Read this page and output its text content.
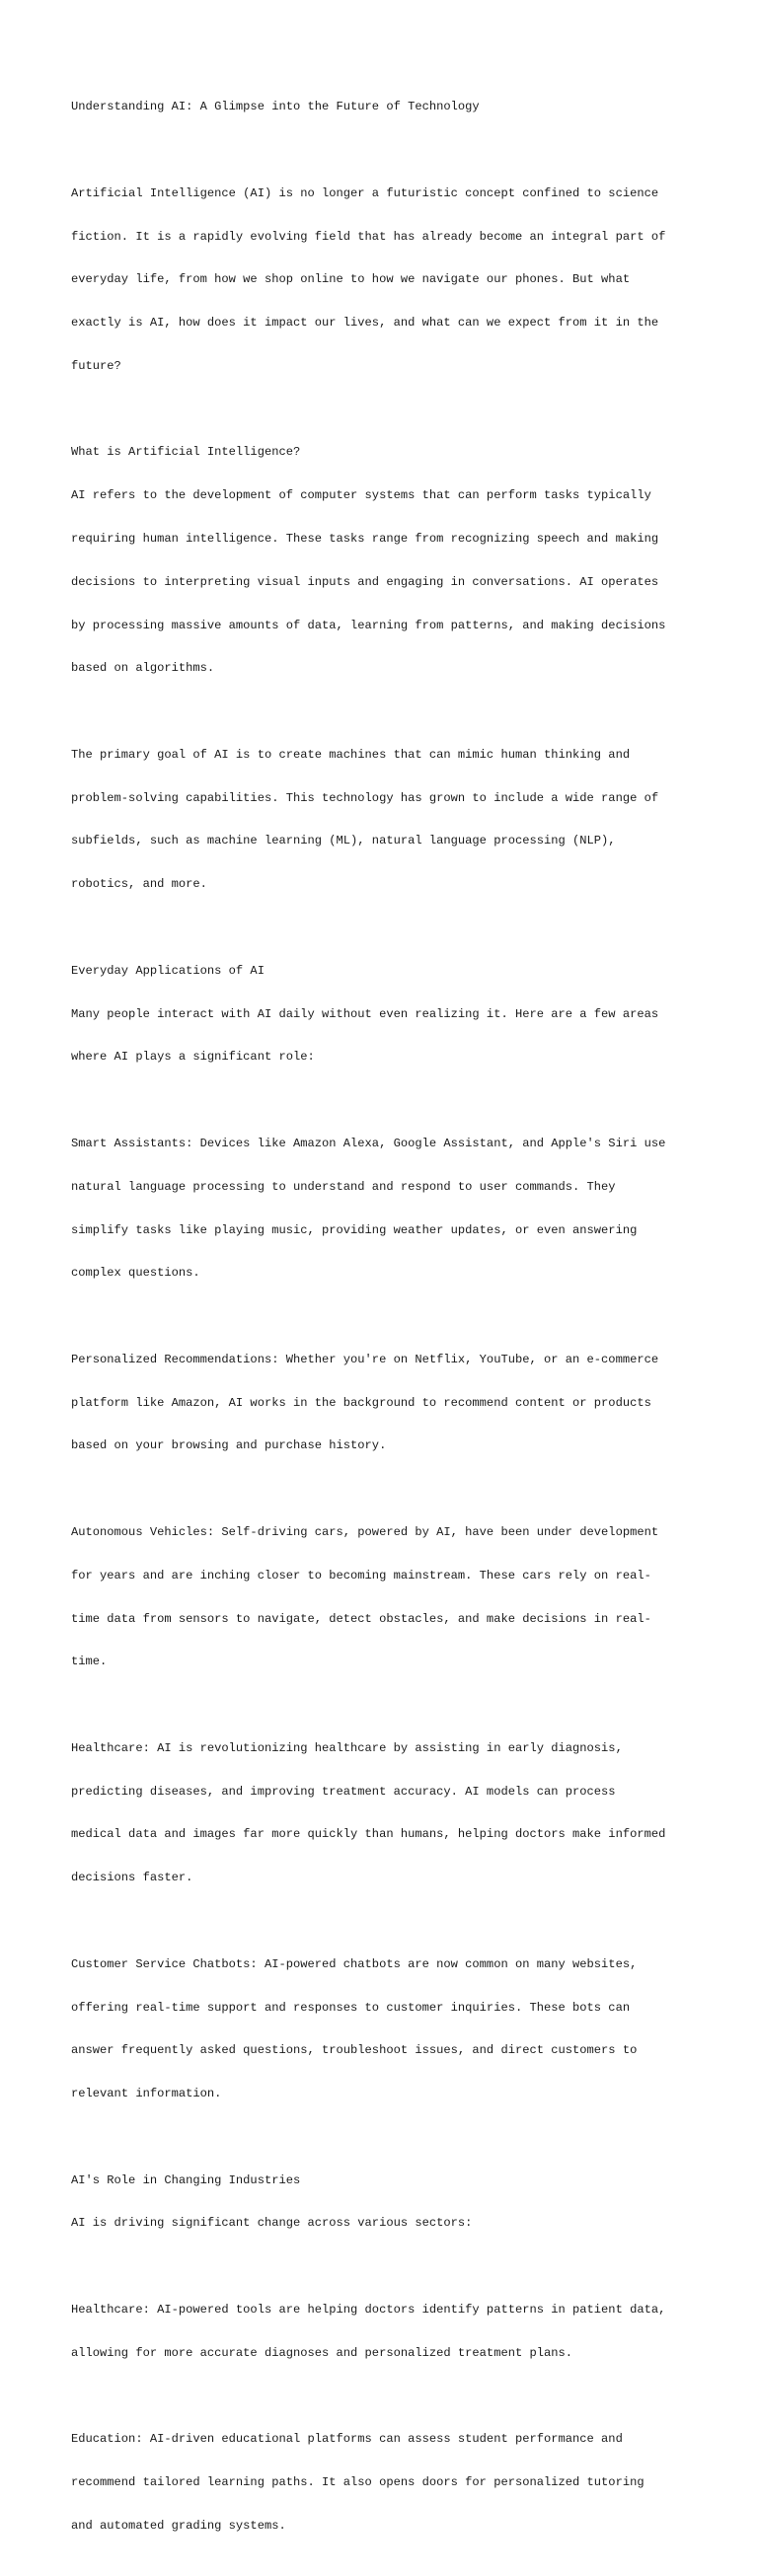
Understanding AI: A Glimpse into the Future of Technology

Artificial Intelligence (AI) is no longer a futuristic concept confined to science

fiction. It is a rapidly evolving field that has already become an integral part of

everyday life, from how we shop online to how we navigate our phones. But what

exactly is AI, how does it impact our lives, and what can we expect from it in the

future?

What is Artificial Intelligence?

AI refers to the development of computer systems that can perform tasks typically

requiring human intelligence. These tasks range from recognizing speech and making

decisions to interpreting visual inputs and engaging in conversations. AI operates

by processing massive amounts of data, learning from patterns, and making decisions

based on algorithms.

The primary goal of AI is to create machines that can mimic human thinking and

problem-solving capabilities. This technology has grown to include a wide range of

subfields, such as machine learning (ML), natural language processing (NLP),

robotics, and more.

Everyday Applications of AI

Many people interact with AI daily without even realizing it. Here are a few areas

where AI plays a significant role:

Smart Assistants: Devices like Amazon Alexa, Google Assistant, and Apple's Siri use

natural language processing to understand and respond to user commands. They

simplify tasks like playing music, providing weather updates, or even answering

complex questions.

Personalized Recommendations: Whether you're on Netflix, YouTube, or an e-commerce

platform like Amazon, AI works in the background to recommend content or products

based on your browsing and purchase history.

Autonomous Vehicles: Self-driving cars, powered by AI, have been under development

for years and are inching closer to becoming mainstream. These cars rely on real-

time data from sensors to navigate, detect obstacles, and make decisions in real-

time.

Healthcare: AI is revolutionizing healthcare by assisting in early diagnosis,

predicting diseases, and improving treatment accuracy. AI models can process

medical data and images far more quickly than humans, helping doctors make informed

decisions faster.

Customer Service Chatbots: AI-powered chatbots are now common on many websites,

offering real-time support and responses to customer inquiries. These bots can

answer frequently asked questions, troubleshoot issues, and direct customers to

relevant information.

AI's Role in Changing Industries

AI is driving significant change across various sectors:

Healthcare: AI-powered tools are helping doctors identify patterns in patient data,

allowing for more accurate diagnoses and personalized treatment plans.

Education: AI-driven educational platforms can assess student performance and

recommend tailored learning paths. It also opens doors for personalized tutoring

and automated grading systems.
